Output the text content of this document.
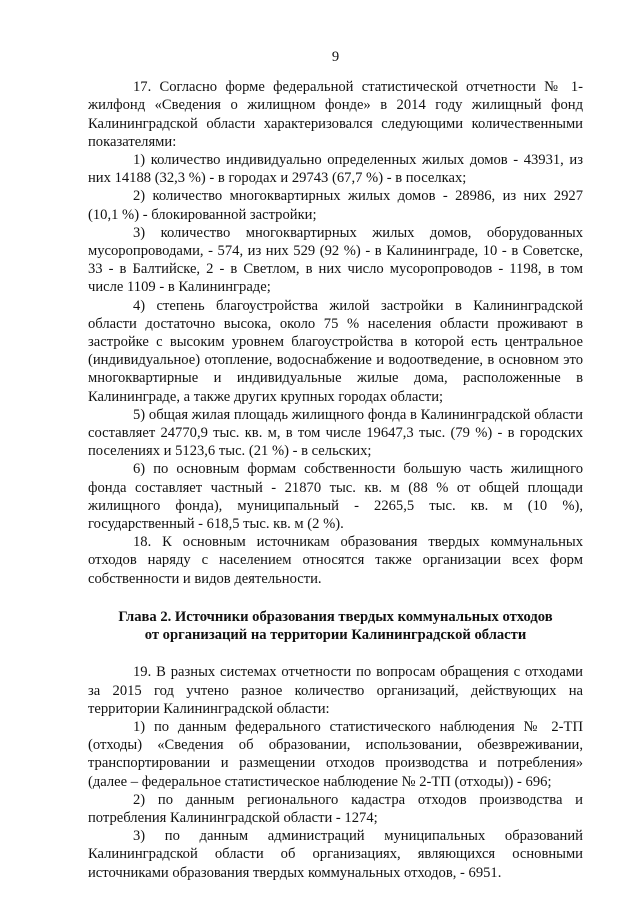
9

17. Согласно форме федеральной статистической отчетности № 1-жилфонд «Сведения о жилищном фонде» в 2014 году жилищный фонд Калининградской области характеризовался следующими количественными показателями:

1) количество индивидуально определенных жилых домов - 43931, из них 14188 (32,3 %) - в городах и 29743 (67,7 %) - в поселках;

2) количество многоквартирных жилых домов - 28986, из них 2927 (10,1 %) - блокированной застройки;

3) количество многоквартирных жилых домов, оборудованных мусоропроводами, - 574, из них 529 (92 %) - в Калининграде, 10 - в Советске, 33 - в Балтийске, 2 - в Светлом, в них число мусоропроводов - 1198, в том числе 1109 - в Калининграде;

4) степень благоустройства жилой застройки в Калининградской области достаточно высока, около 75 % населения области проживают в застройке с высоким уровнем благоустройства в которой есть центральное (индивидуальное) отопление, водоснабжение и водоотведение, в основном это многоквартирные и индивидуальные жилые дома, расположенные в Калининграде, а также других крупных городах области;

5) общая жилая площадь жилищного фонда в Калининградской области составляет 24770,9 тыс. кв. м, в том числе 19647,3 тыс. (79 %) - в городских поселениях и 5123,6 тыс. (21 %) - в сельских;

6) по основным формам собственности большую часть жилищного фонда составляет частный - 21870 тыс. кв. м (88 % от общей площади жилищного фонда), муниципальный - 2265,5 тыс. кв. м (10 %), государственный - 618,5 тыс. кв. м (2 %).

18. К основным источникам образования твердых коммунальных отходов наряду с населением относятся также организации всех форм собственности и видов деятельности.

Глава 2. Источники образования твердых коммунальных отходов

от организаций на территории Калининградской области

19. В разных системах отчетности по вопросам обращения с отходами за 2015 год учтено разное количество организаций, действующих на территории Калининградской области:

1) по данным федерального статистического наблюдения № 2-ТП (отходы) «Сведения об образовании, использовании, обезвреживании, транспортировании и размещении отходов производства и потребления» (далее – федеральное статистическое наблюдение № 2-ТП (отходы)) - 696;

2) по данным регионального кадастра отходов производства и потребления Калининградской области - 1274;

3) по данным администраций муниципальных образований Калининградской области об организациях, являющихся основными источниками образования твердых коммунальных отходов, - 6951.
